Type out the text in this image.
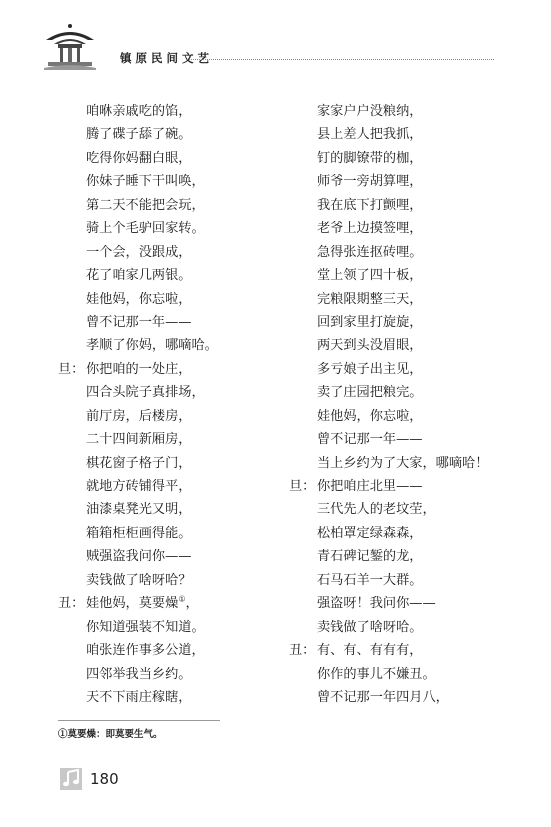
镇原民间文艺
咱咻亲戚吃的馅，
腾了碟子舔了碗。
吃得你妈翻白眼，
你妹子睡下干叫唤，
第二天不能把会玩，
骑上个毛驴回家转。
一个会，没跟成，
花了咱家几两银。
娃他妈，你忘啦，
曾不记那一年——
孝顺了你妈，哪嘀哈。
旦： 你把咱的一处庄，
四合头院子真排场，
前厅房，后楼房，
二十四间新厢房，
棋花窗子格子门，
就地方砖铺得平，
油漆桌凳光又明，
箱箱柜柜画得能。
贼强盗我问你——
卖钱做了啥呀哈？
丑： 娃他妈，莫要燥①，
你知道强装不知道。
咱张连作事多公道，
四邻举我当乡约。
天不下雨庄稼瞎，
家家户户没粮纳，
县上差人把我抓，
钉的脚镣带的枷，
师爷一旁胡算哩，
我在底下打颤哩，
老爷上边摸签哩，
急得张连抠砖哩。
堂上领了四十板，
完粮限期整三天，
回到家里打旋旋，
两天到头没眉眼，
多亏娘子出主见，
卖了庄园把粮完。
娃他妈，你忘啦，
曾不记那一年——
当上乡约为了大家，哪嘀哈！
旦： 你把咱庄北里——
三代先人的老坟茔，
松柏罩定绿森森，
青石碑记錾的龙，
石马石羊一大群。
强盗呀！我问你——
卖钱做了啥呀哈。
丑： 有、有、有有有，
你作的事儿不嫌丑。
曾不记那一年四月八，
①莫要燥：即莫要生气。
180
